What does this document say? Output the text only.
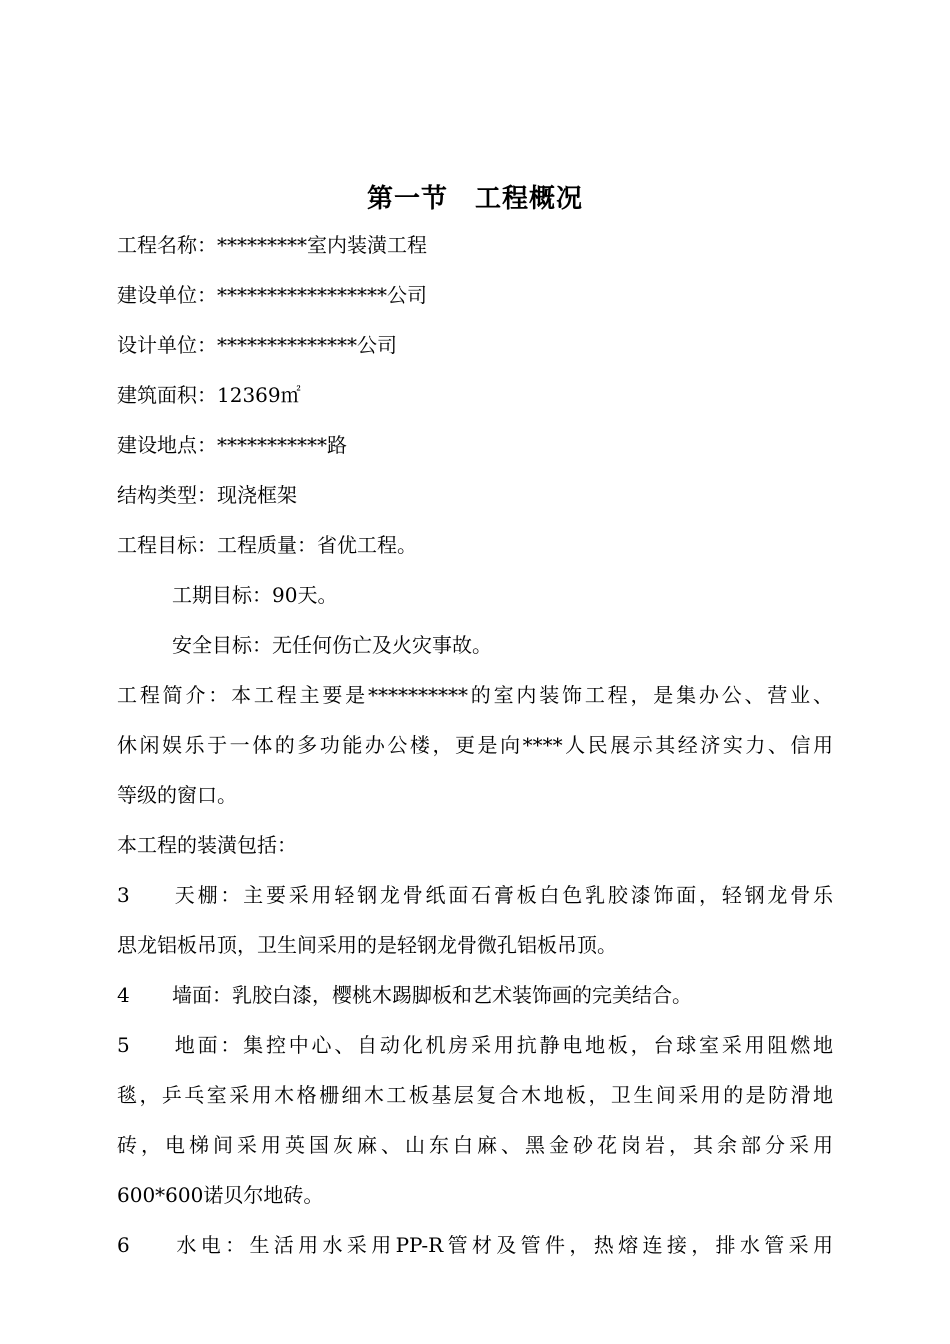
第一节　工程概况
工程名称：*********室内装潢工程
建设单位：*****************公司
设计单位：**************公司
建筑面积：12369㎡
建设地点：***********路
结构类型：现浇框架
工程目标：工程质量：省优工程。
工期目标：90天。
安全目标：无任何伤亡及火灾事故。
工程简介：本工程主要是**********的室内装饰工程，是集办公、营业、
休闲娱乐于一体的多功能办公楼，更是向****人民展示其经济实力、信用
等级的窗口。
本工程的装潢包括：
3 天棚：主要采用轻钢龙骨纸面石膏板白色乳胶漆饰面，轻钢龙骨乐
思龙铝板吊顶，卫生间采用的是轻钢龙骨微孔铝板吊顶。
4 墙面：乳胶白漆，樱桃木踢脚板和艺术装饰画的完美结合。
5 地面：集控中心、自动化机房采用抗静电地板，台球室采用阻燃地
毯，乒乓室采用木格栅细木工板基层复合木地板，卫生间采用的是防滑地
砖，电梯间采用英国灰麻、山东白麻、黑金砂花岗岩，其余部分采用
600*600诺贝尔地砖。
6 水电：生活用水采用PP-R管材及管件，热熔连接，排水管采用
